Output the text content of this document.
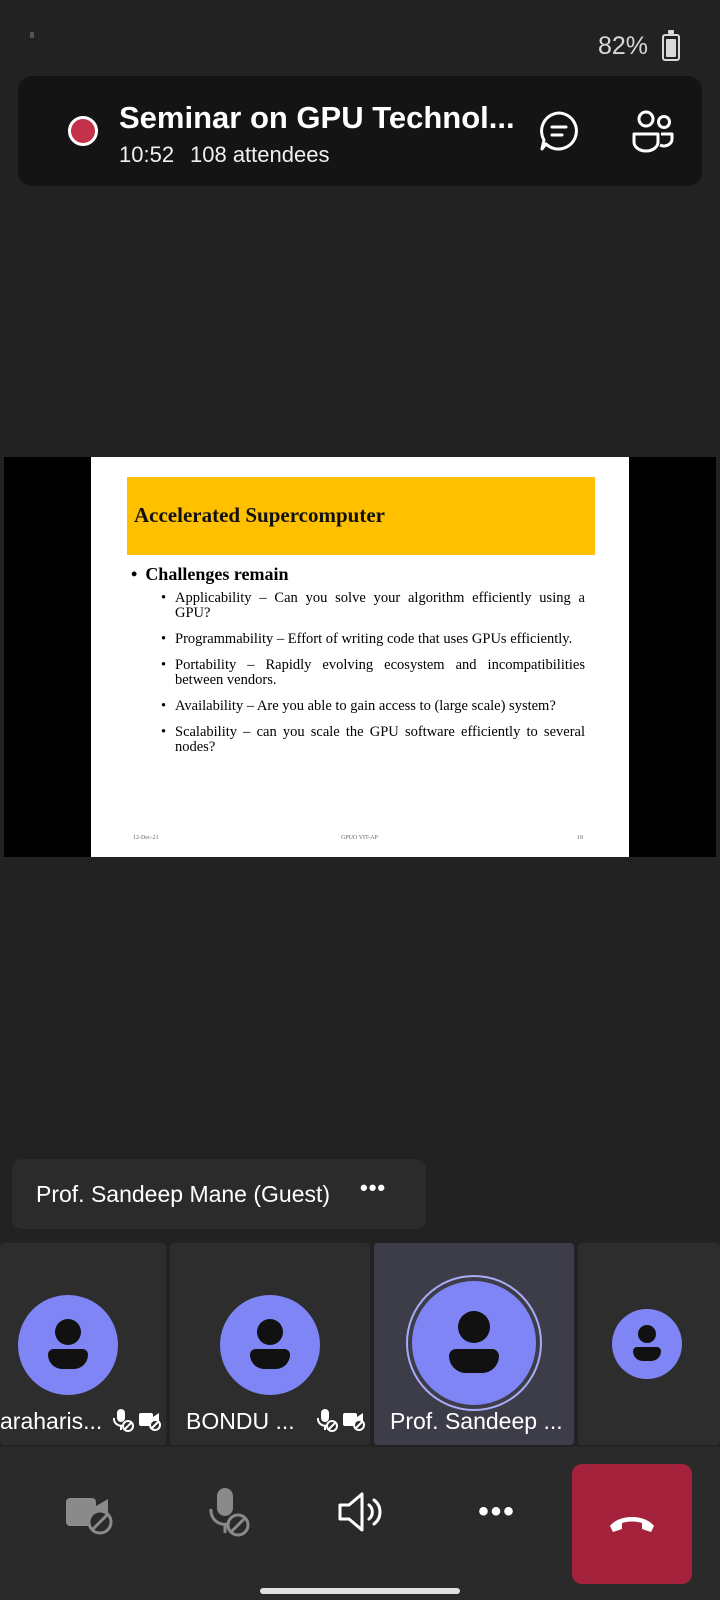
82%
Seminar on GPU Technol...
10:52 108 attendees
Accelerated Supercomputer
• Challenges remain
• Applicability – Can you solve your algorithm efficiently using a GPU?
• Programmability – Effort of writing code that uses GPUs efficiently.
• Portability – Rapidly evolving ecosystem and incompatibilities between vendors.
• Availability – Are you able to gain access to (large scale) system?
• Scalability – can you scale the GPU software efficiently to several nodes?
12-Dec-21	GPUO VIT-AP	19
Prof. Sandeep Mane (Guest) •••
araharis...	BONDU ...	Prof. Sandeep ...
•••
